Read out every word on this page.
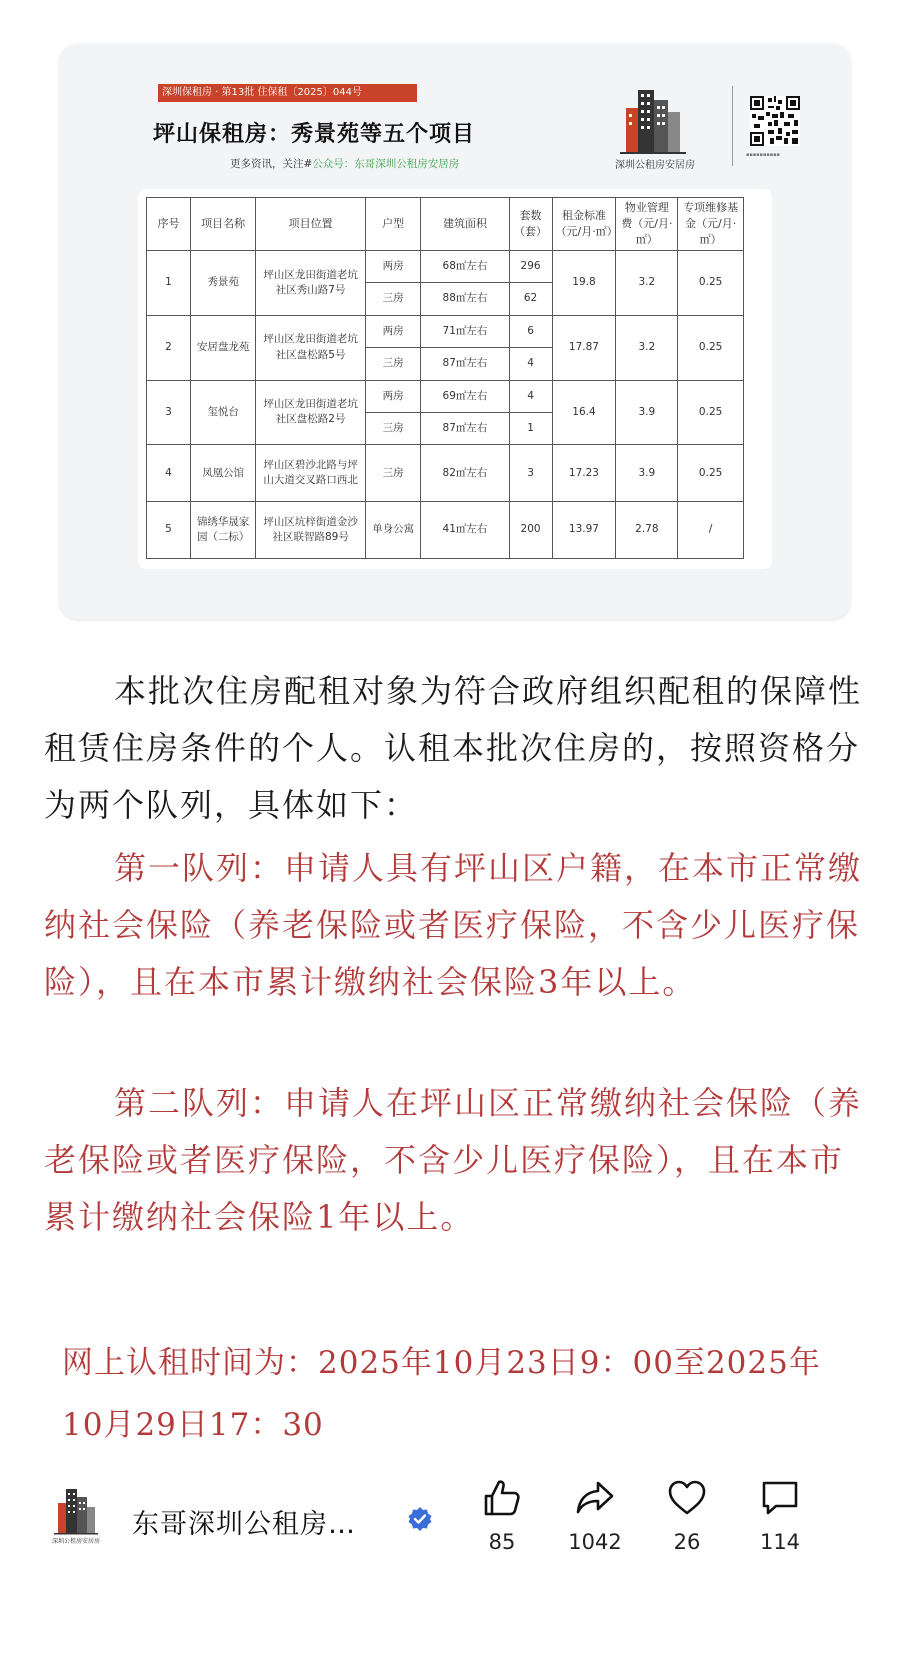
深圳保租房 · 第13批 住保租〔2025〕044号
坪山保租房：秀景苑等五个项目
更多资讯，关注#公众号：东哥深圳公租房安居房	深圳公租房安居房
▪▪▪▪▪▪▪▪▪▪
序号	项目名称	项目位置	户型	建筑面积	套数（套）	租金标准（元/月·㎡）	物业管理费（元/月·㎡）	专项维修基金（元/月·㎡）
1	秀景苑	坪山区龙田街道老坑社区秀山路7号	两房	68㎡左右	296	19.8	3.2	0.25
			三房	88㎡左右	62			
2	安居盘龙苑	坪山区龙田街道老坑社区盘松路5号	两房	71㎡左右	6	17.87	3.2	0.25
			三房	87㎡左右	4			
3	玺悦台	坪山区龙田街道老坑社区盘松路2号	两房	69㎡左右	4	16.4	3.9	0.25
			三房	87㎡左右	1			
4	凤凰公馆	坪山区碧沙北路与坪山大道交叉路口西北	三房	82㎡左右	3	17.23	3.9	0.25
5	锦绣华晟家园（二标）	坪山区坑梓街道金沙社区联智路89号	单身公寓	41㎡左右	200	13.97	2.78	/

本批次住房配租对象为符合政府组织配租的保障性租赁住房条件的个人。认租本批次住房的，按照资格分为两个队列，具体如下：

第一队列：申请人具有坪山区户籍，在本市正常缴纳社会保险（养老保险或者医疗保险，不含少儿医疗保险），且在本市累计缴纳社会保险3年以上。

第二队列：申请人在坪山区正常缴纳社会保险（养老保险或者医疗保险，不含少儿医疗保险），且在本市累计缴纳社会保险1年以上。

网上认租时间为：2025年10月23日9：00至2025年10月29日17：30

深圳公租房安居房
东哥深圳公租房…
85	1042	26	114
